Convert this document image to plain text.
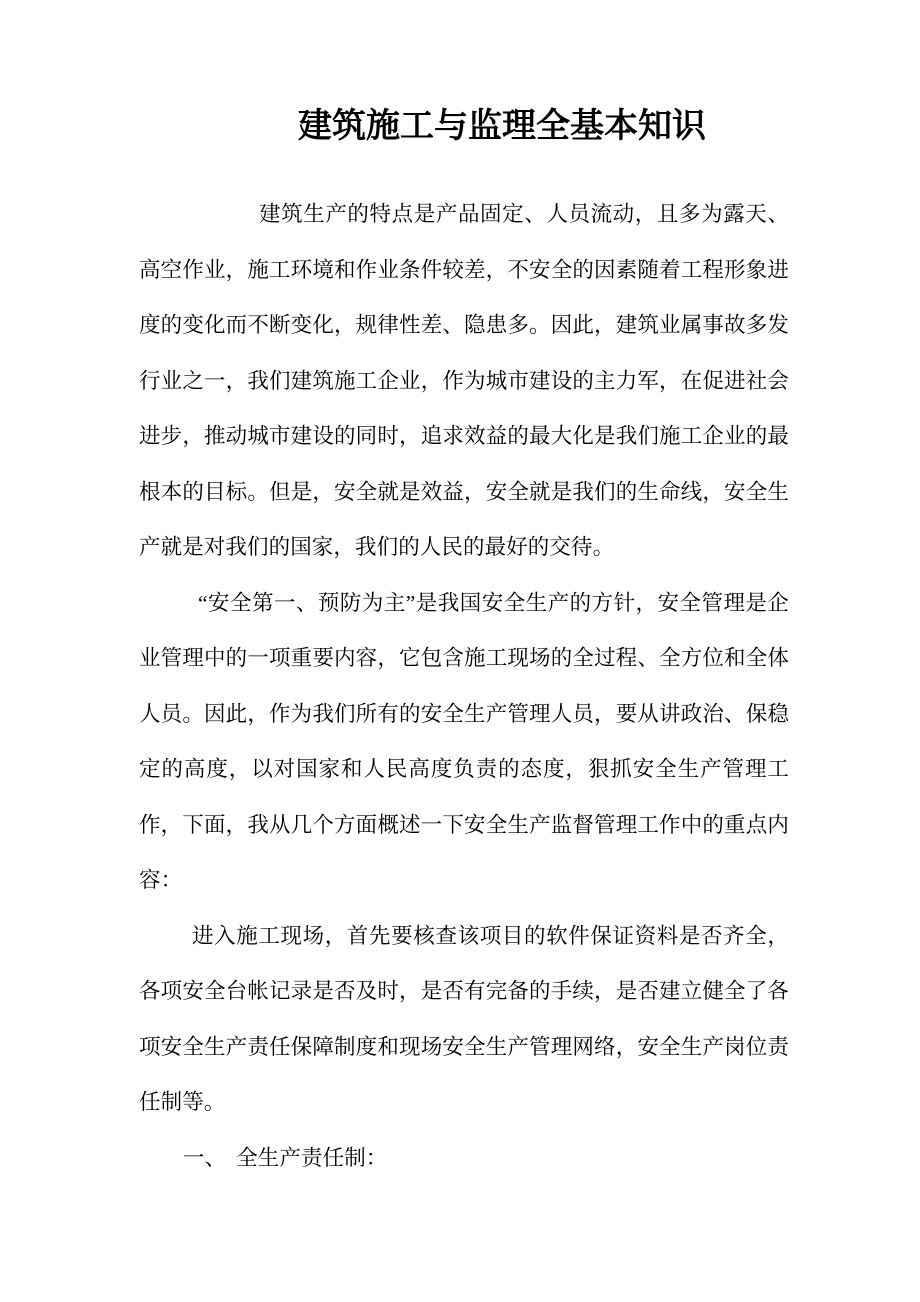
建筑施工与监理全基本知识

建筑生产的特点是产品固定、人员流动，且多为露天、高空作业，施工环境和作业条件较差，不安全的因素随着工程形象进度的变化而不断变化，规律性差、隐患多。因此，建筑业属事故多发行业之一，我们建筑施工企业，作为城市建设的主力军，在促进社会进步，推动城市建设的同时，追求效益的最大化是我们施工企业的最根本的目标。但是，安全就是效益，安全就是我们的生命线，安全生产就是对我们的国家，我们的人民的最好的交待。

“安全第一、预防为主”是我国安全生产的方针，安全管理是企业管理中的一项重要内容，它包含施工现场的全过程、全方位和全体人员。因此，作为我们所有的安全生产管理人员，要从讲政治、保稳定的高度，以对国家和人民高度负责的态度，狠抓安全生产管理工作，下面，我从几个方面概述一下安全生产监督管理工作中的重点内容：

进入施工现场，首先要核查该项目的软件保证资料是否齐全，各项安全台帐记录是否及时，是否有完备的手续，是否建立健全了各项安全生产责任保障制度和现场安全生产管理网络，安全生产岗位责任制等。

一、 全生产责任制：
